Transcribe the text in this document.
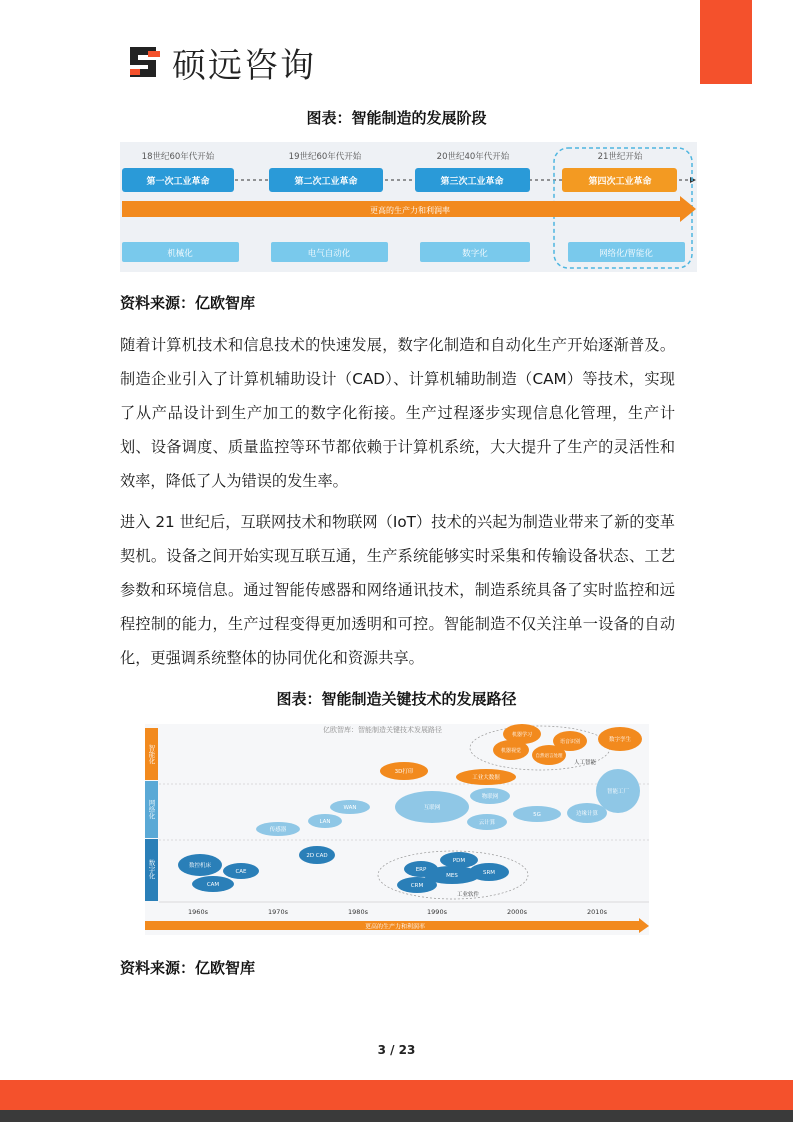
硕远咨询
图表：智能制造的发展阶段
更高的生产力和利润率
18世纪60年代开始
第一次工业革命
机械化
19世纪60年代开始
第二次工业革命
电气自动化
20世纪40年代开始
第三次工业革命
数字化
21世纪开始
第四次工业革命
网络化/智能化
资料来源：亿欧智库
随着计算机技术和信息技术的快速发展，数字化制造和自动化生产开始逐渐普及。制造企业引入了计算机辅助设计（CAD）、计算机辅助制造（CAM）等技术，实现了从产品设计到生产加工的数字化衔接。生产过程逐步实现信息化管理，生产计划、设备调度、质量监控等环节都依赖于计算机系统，大大提升了生产的灵活性和效率，降低了人为错误的发生率。
进入 21 世纪后，互联网技术和物联网（IoT）技术的兴起为制造业带来了新的变革契机。设备之间开始实现互联互通，生产系统能够实时采集和传输设备状态、工艺参数和环境信息。通过智能传感器和网络通讯技术，制造系统具备了实时监控和远程控制的能力，生产过程变得更加透明和可控。智能制造不仅关注单一设备的自动化，更强调系统整体的协同优化和资源共享。
图表：智能制造关键技术的发展路径
亿欧智库：智能制造关键技术发展路径
智能化
网络化
数字化
1960s	1970s	1980s	1990s	2000s	2010s
更高的生产力和利润率
工业软件
人工智能
数控机床
CAE
CAM
2D CAD
ERP
PDM
MES	SRM
CRM
传感器
LAN
WAN	互联网
物联网
云计算
5G	边缘计算
3D打印
工业大数据
机器学习
语音识别
机器视觉
自然语言处理
数字孪生
智能工厂
资料来源：亿欧智库
3 / 23
